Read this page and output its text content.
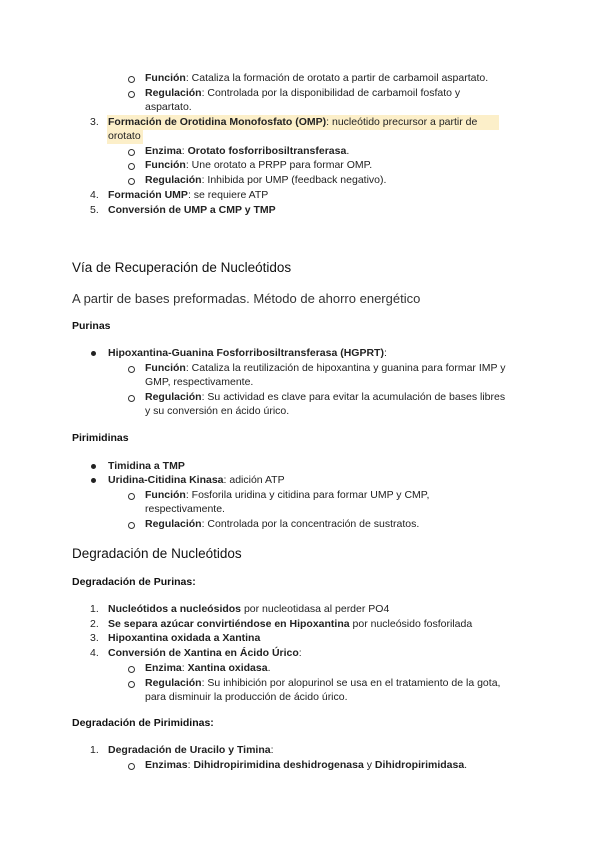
Función: Cataliza la formación de orotato a partir de carbamoil aspartato.
Regulación: Controlada por la disponibilidad de carbamoil fosfato y
aspartato.
3. Formación de Orotidina Monofosfato (OMP): nucleótido precursor a partir de
orotato
Enzima: Orotato fosforribosiltransferasa.
Función: Une orotato a PRPP para formar OMP.
Regulación: Inhibida por UMP (feedback negativo).
4. Formación UMP: se requiere ATP
5. Conversión de UMP a CMP y TMP
Vía de Recuperación de Nucleótidos
A partir de bases preformadas. Método de ahorro energético
Purinas
Hipoxantina-Guanina Fosforribosiltransferasa (HGPRT):
Función: Cataliza la reutilización de hipoxantina y guanina para formar IMP y
GMP, respectivamente.
Regulación: Su actividad es clave para evitar la acumulación de bases libres
y su conversión en ácido úrico.
Pirimidinas
Timidina a TMP
Uridina-Citidina Kinasa: adición ATP
Función: Fosforila uridina y citidina para formar UMP y CMP,
respectivamente.
Regulación: Controlada por la concentración de sustratos.
Degradación de Nucleótidos
Degradación de Purinas:
1. Nucleótidos a nucleósidos por nucleotidasa al perder PO4
2. Se separa azúcar convirtiéndose en Hipoxantina por nucleósido fosforilada
3. Hipoxantina oxidada a Xantina
4. Conversión de Xantina en Ácido Úrico:
Enzima: Xantina oxidasa.
Regulación: Su inhibición por alopurinol se usa en el tratamiento de la gota,
para disminuir la producción de ácido úrico.
Degradación de Pirimidinas:
1. Degradación de Uracilo y Timina:
Enzimas: Dihidropirimidina deshidrogenasa y Dihidropirimidasa.
